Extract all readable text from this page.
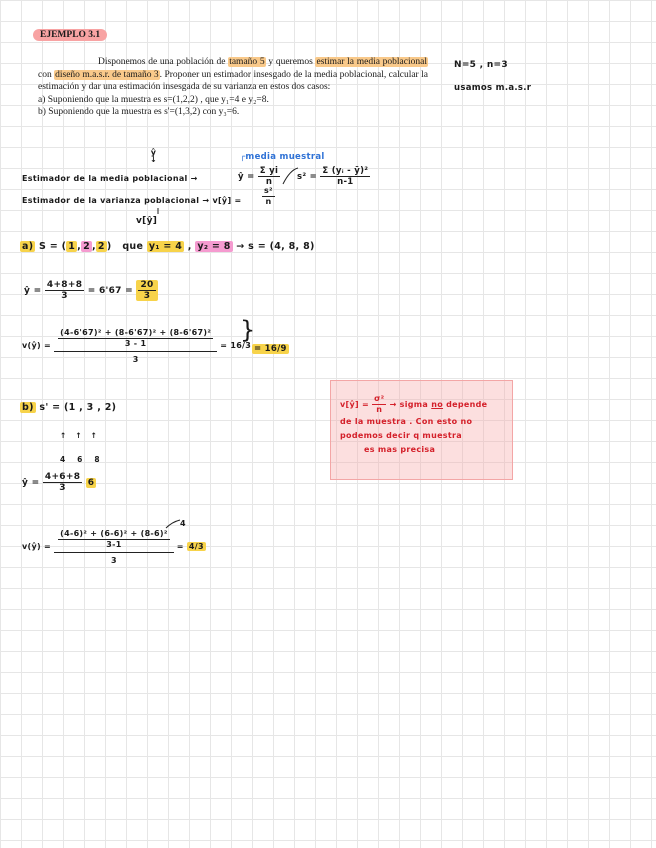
EJEMPLO 3.1
Disponemos de una población de tamaño 5 y queremos estimar la media poblacional con diseño m.a.s.r. de tamaño 3. Proponer un estimador insesgado de la media poblacional, calcular la estimación y dar una estimación insesgada de su varianza en estos dos casos:
a) Suponiendo que la muestra es s=(1,2,2) , que y₁=4 e y₂=8.
b) Suponiendo que la muestra es s'=(1,3,2) con y₃=6.
N=5 , n=3
usamos m.a.s.r
ŷ
↓	┌media muestral
Estimador de la media poblacional →	ŷ = $\frac{\text{Σ yi}}{n} s^2 = \frac{\text{Σ (yᵢ - ȳ)²}}{n-1}$
Estimador de la varianza poblacional → v[ŷ] =	$\frac{\text{s²}}{n}$
v[ŷ]
a) S = ( 1 , 2 , 2 ) que y₁ = 4 , y₂ = 8 → s = (4, 8, 8)
ŷ = $\frac{4+8+8}{3} = 6'67 = \frac{20}{3}$
v(ŷ) = $\frac{\frac{\text{(4-6'67)² + (8-6'67)² + (8-6'67)²}}{3 - 1}}{3} = 16/3$
}
= 16/9
b) s' = (1 , 3 , 2)

↑   ↑   ↑

4    6    8

ŷ = $\frac{4+6+8}{3} 6$
v(ŷ) = $\frac{\frac{\text{(4-6)² + (6-6)² + (8-6)²}}{3-1}}{3} = 4/3$
4
v[ŷ] = $\frac{\text{σ²}}{n}$ → sigma no depende
de la muestra . Con esto no
podemos decir q muestra
es mas precisa
